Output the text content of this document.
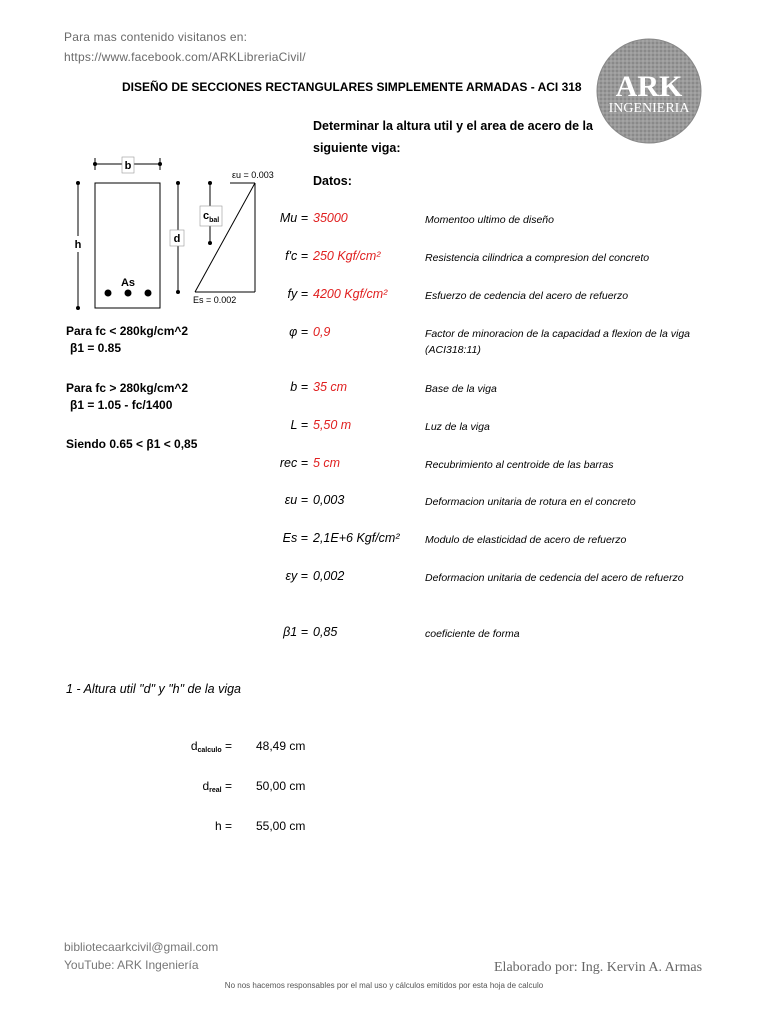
Para mas contenido visitanos en:
https://www.facebook.com/ARKLibreriaCivil/
ARK
INGENIERIA
DISEÑO DE SECCIONES RECTANGULARES SIMPLEMENTE ARMADAS - ACI 318
Determinar la altura util y el area de acero de la
siguiente viga:
Datos:
b
h	d
As
$c_{bal}$
εu = 0.003
Es = 0.002
Para fc < 280kg/cm^2
β1 = 0.85
Para fc > 280kg/cm^2
β1 = 1.05 - fc/1400
Siendo 0.65 < β1 < 0,85
Mu = 35000	Momentoo ultimo de diseño
f'c = 250 Kgf/cm²	Resistencia cilindrica a compresion del concreto
fy = 4200 Kgf/cm²	Esfuerzo de cedencia del acero de refuerzo
φ = 0,9	Factor de minoracion de la capacidad a flexion de la viga (ACI318:11)
b = 35 cm	Base de la viga
L = 5,50 m	Luz de la viga
rec = 5 cm	Recubrimiento al centroide de las barras
εu = 0,003	Deformacion unitaria de rotura en el concreto
Es = 2,1E+6 Kgf/cm² Modulo de elasticidad de acero de refuerzo
εy = 0,002	Deformacion unitaria de cedencia del acero de refuerzo
β1 = 0,85	coeficiente de forma
1 - Altura util "d" y "h" de la viga
$d_{calculo} = 48,49$ cm
$d_{real} = 50,00$ cm
h = 55,00 cm
bibliotecaarkcivil@gmail.com
YouTube: ARK Ingeniería	Elaborado por: Ing. Kervin A. Armas
No nos hacemos responsables por el mal uso y cálculos emitidos por esta hoja de calculo
